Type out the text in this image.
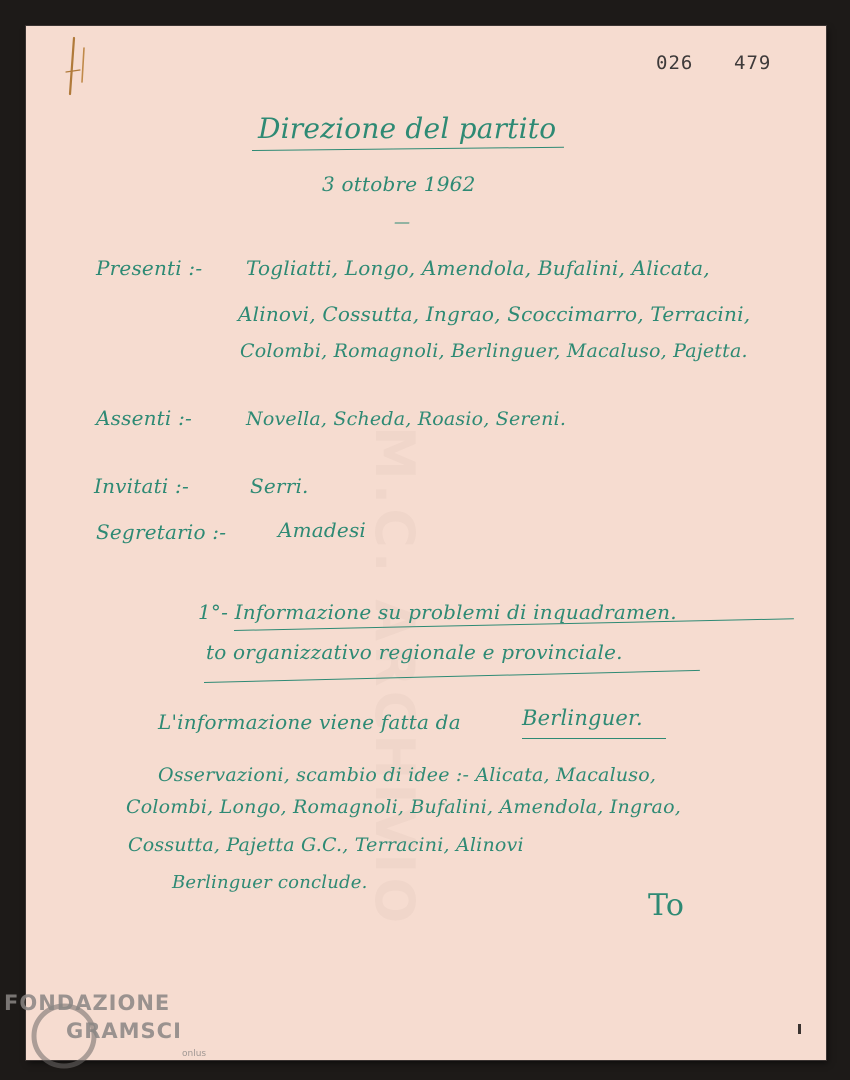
M.C. ARCHIVIO
026 479
Direzione del partito
3 ottobre 1962
—
Presenti :- Togliatti, Longo, Amendola, Bufalini, Alicata,
Alinovi, Cossutta, Ingrao, Scoccimarro, Terracini,
Colombi, Romagnoli, Berlinguer, Macaluso, Pajetta.
Assenti :-	Novella, Scheda, Roasio, Sereni.
Invitati :-	Serri.
Segretario :-	Amadesi
1°- Informazione su problemi di inquadramen.
to organizzativo regionale e provinciale.
L'informazione viene fatta da	Berlinguer.
Osservazioni, scambio di idee :- Alicata, Macaluso,
Colombi, Longo, Romagnoli, Bufalini, Amendola, Ingrao,
Cossutta, Pajetta G.C., Terracini, Alinovi
Berlinguer conclude.
To
FONDAZIONE
GRAMSCI
onlus
